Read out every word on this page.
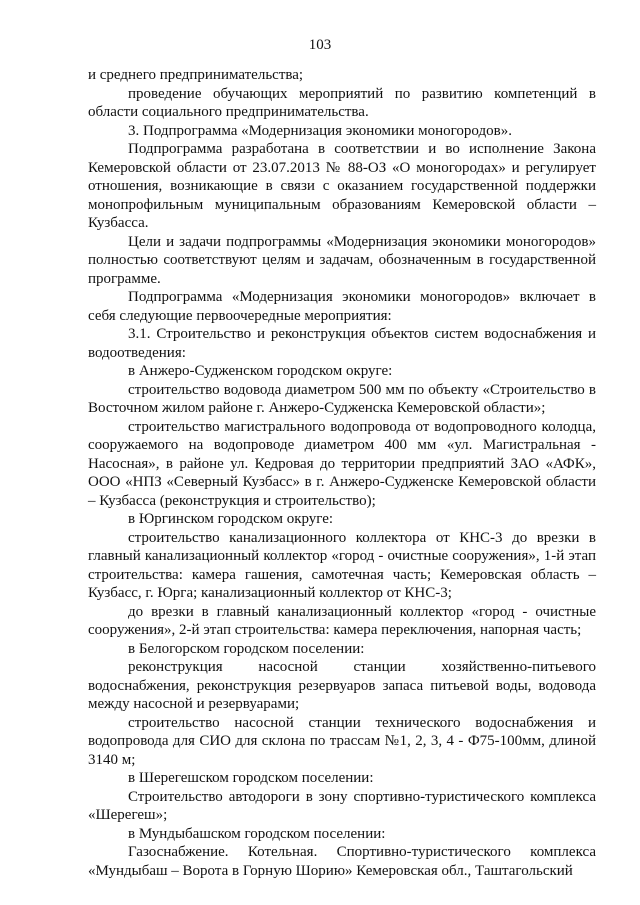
103

и среднего предпринимательства;

проведение обучающих мероприятий по развитию компетенций в области социального предпринимательства.

3. Подпрограмма «Модернизация экономики моногородов».

Подпрограмма разработана в соответствии и во исполнение Закона Кемеровской области от 23.07.2013 № 88-ОЗ «О моногородах» и регулирует отношения, возникающие в связи с оказанием государственной поддержки монопрофильным муниципальным образованиям Кемеровской области – Кузбасса.

Цели и задачи подпрограммы «Модернизация экономики моногородов» полностью соответствуют целям и задачам, обозначенным в государственной программе.

Подпрограмма «Модернизация экономики моногородов» включает в себя следующие первоочередные мероприятия:

3.1. Строительство и реконструкция объектов систем водоснабжения и водоотведения:

в Анжеро-Судженском городском округе:

строительство водовода диаметром 500 мм по объекту «Строительство в Восточном жилом районе г. Анжеро-Судженска Кемеровской области»;

строительство магистрального водопровода от водопроводного колодца, сооружаемого на водопроводе диаметром 400 мм «ул. Магистральная - Насосная», в районе ул. Кедровая до территории предприятий ЗАО «АФК», ООО «НПЗ «Северный Кузбасс» в г. Анжеро-Судженске Кемеровской области – Кузбасса (реконструкция и строительство);

в Юргинском городском округе:

строительство канализационного коллектора от КНС-3 до врезки в главный канализационный коллектор «город - очистные сооружения», 1-й этап строительства: камера гашения, самотечная часть; Кемеровская область – Кузбасс, г. Юрга; канализационный коллектор от КНС-3;

до врезки в главный канализационный коллектор «город - очистные сооружения», 2-й этап строительства: камера переключения, напорная часть;

в Белогорском городском поселении:

реконструкция насосной станции хозяйственно-питьевого водоснабжения, реконструкция резервуаров запаса питьевой воды, водовода между насосной и резервуарами;

строительство насосной станции технического водоснабжения и водопровода для СИО для склона по трассам №1, 2, 3, 4 - Ф75-100мм, длиной 3140 м;

в Шерегешском городском поселении:

Строительство автодороги в зону спортивно-туристического комплекса «Шерегеш»;

в Мундыбашском городском поселении:

Газоснабжение. Котельная. Спортивно-туристического комплекса «Мундыбаш – Ворота в Горную Шорию» Кемеровская обл., Таштагольский
